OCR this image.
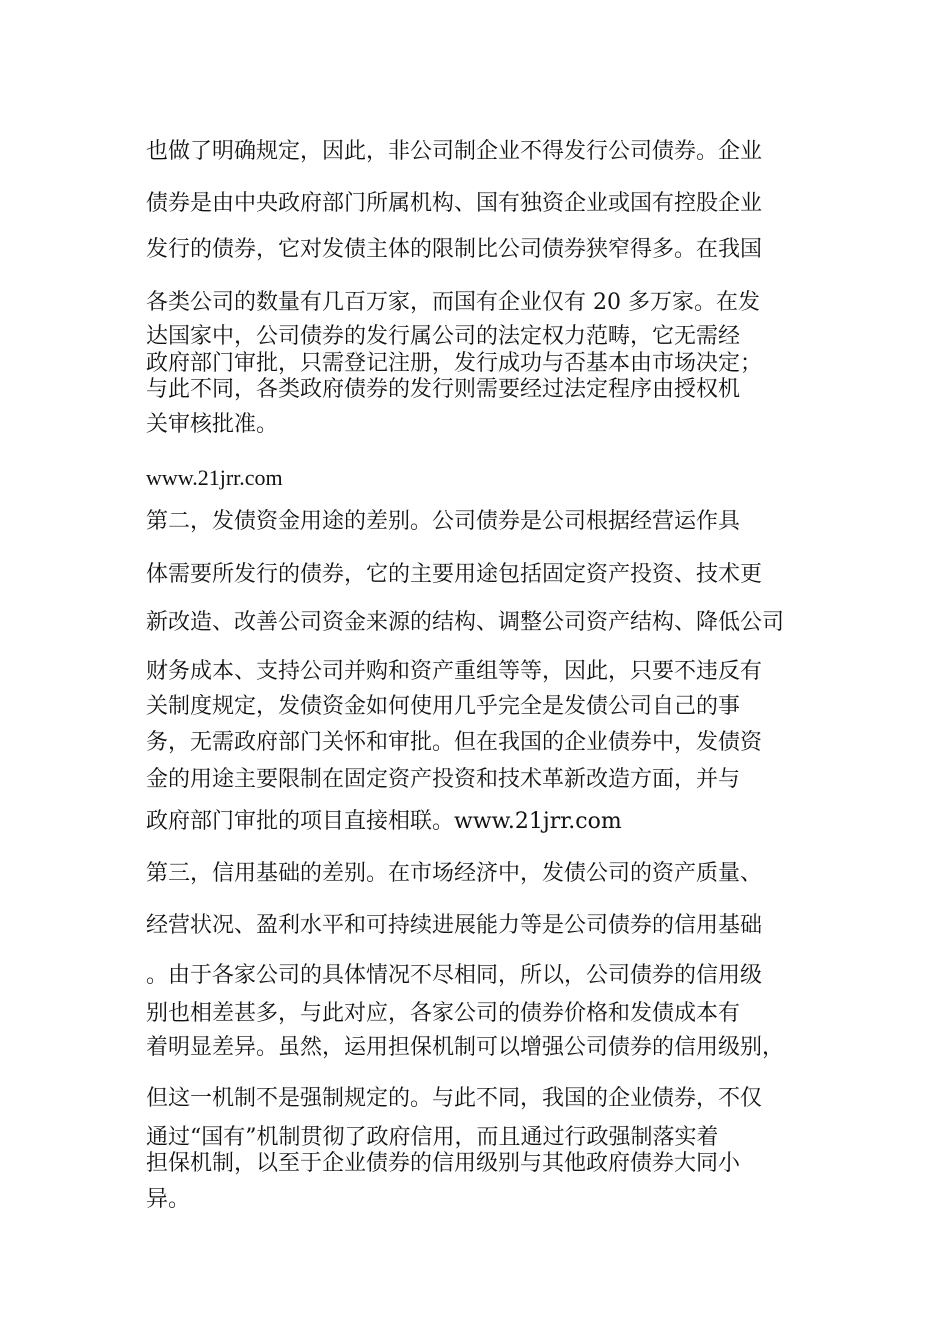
也做了明确规定，因此，非公司制企业不得发行公司债券。企业
债券是由中央政府部门所属机构、国有独资企业或国有控股企业
发行的债券，它对发债主体的限制比公司债券狭窄得多。在我国
各类公司的数量有几百万家，而国有企业仅有 20 多万家。在发
达国家中，公司债券的发行属公司的法定权力范畴，它无需经
政府部门审批，只需登记注册，发行成功与否基本由市场决定；
与此不同，各类政府债券的发行则需要经过法定程序由授权机
关审核批准。
www.21jrr.com
第二，发债资金用途的差别。公司债券是公司根据经营运作具
体需要所发行的债券，它的主要用途包括固定资产投资、技术更
新改造、改善公司资金来源的结构、调整公司资产结构、降低公司
财务成本、支持公司并购和资产重组等等，因此，只要不违反有
关制度规定，发债资金如何使用几乎完全是发债公司自己的事
务，无需政府部门关怀和审批。但在我国的企业债券中，发债资
金的用途主要限制在固定资产投资和技术革新改造方面，并与
政府部门审批的项目直接相联。www.21jrr.com
第三，信用基础的差别。在市场经济中，发债公司的资产质量、
经营状况、盈利水平和可持续进展能力等是公司债券的信用基础
。由于各家公司的具体情况不尽相同，所以，公司债券的信用级
别也相差甚多，与此对应，各家公司的债券价格和发债成本有
着明显差异。虽然，运用担保机制可以增强公司债券的信用级别，
但这一机制不是强制规定的。与此不同，我国的企业债券，不仅
通过“国有”机制贯彻了政府信用，而且通过行政强制落实着
担保机制，以至于企业债券的信用级别与其他政府债券大同小
异。
